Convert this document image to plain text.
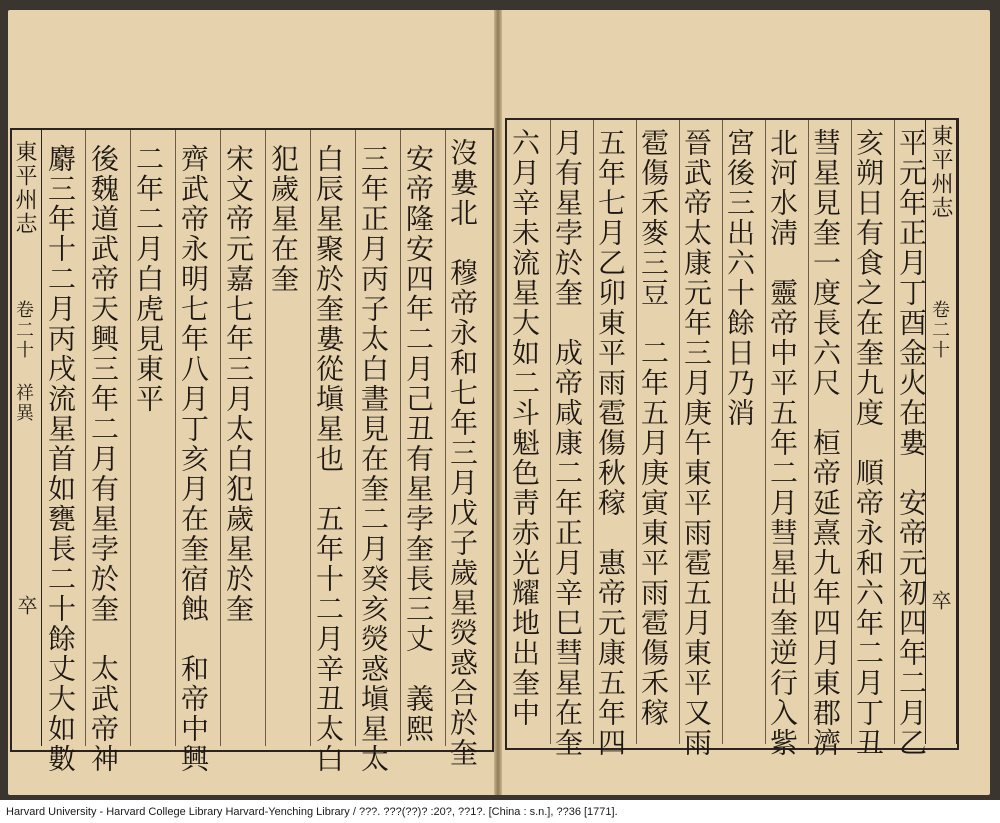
東平州志
卷二十 祥異
卒
東平州志
卷二十
卒
沒婁北　穆帝永和七年三月戊子歲星熒惑合於奎
安帝隆安四年二月己丑有星孛奎長三丈　義熙
三年正月丙子太白晝見在奎二月癸亥熒惑塡星太
白辰星聚於奎婁從塡星也　五年十二月辛丑太白
犯歲星在奎
宋文帝元嘉七年三月太白犯歲星於奎
齊武帝永明七年八月丁亥月在奎宿蝕　和帝中興
二年二月白虎見東平
後魏道武帝天興三年二月有星孛於奎　太武帝神
麝三年十二月丙戌流星首如甕長二十餘丈大如數	平元年正月丁酉金火在婁　安帝元初四年二月乙
亥朔日有食之在奎九度　順帝永和六年二月丁丑
彗星見奎一度長六尺　桓帝延熹九年四月東郡濟
北河水淸　靈帝中平五年二月彗星出奎逆行入紫
宮後三出六十餘日乃消
晉武帝太康元年三月庚午東平雨雹五月東平又雨
雹傷禾麥三豆　二年五月庚寅東平雨雹傷禾稼
五年七月乙卯東平雨雹傷秋稼　惠帝元康五年四
月有星孛於奎　成帝咸康二年正月辛巳彗星在奎
六月辛未流星大如二斗魁色靑赤光耀地出奎中
Harvard University - Harvard College Library Harvard-Yenching Library / ???. ???(??)? :20?, ??1?. [China : s.n.], ??36 [1771].
